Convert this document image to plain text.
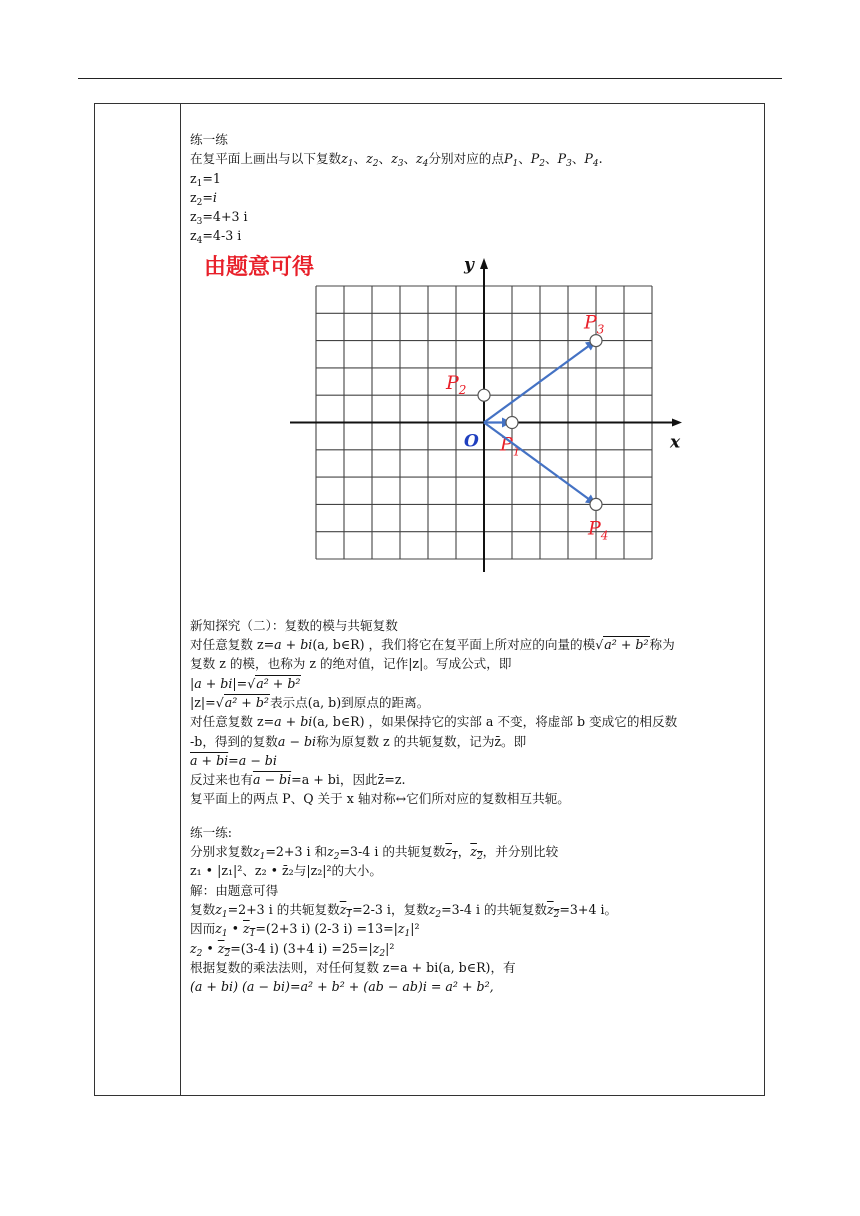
练一练
在复平面上画出与以下复数$z_1$、$z_2$、$z_3$、$z_4$分别对应的点$P_1$、$P_2$、$P_3$、$P_4$.
$z_1=1$
$z_2=i$
$z_3=4+3$ i
$z_4=4-3$ i
由题意可得
x
y
O $P_1$
$P_2$
$P_3$
$P_4$
新知探究（二）：复数的模与共轭复数
对任意复数 z=a + bi(a, b∈R) ，我们将它在复平面上所对应的向量的模√a² + b²称为
复数 z 的模，也称为 z 的绝对值，记作|z|。写成公式，即
|a + bi|=√a² + b²
|z|=√a² + b²表示点(a, b)到原点的距离。
对任意复数 z=a + bi(a, b∈R) ，如果保持它的实部 a 不变，将虚部 b 变成它的相反数
-b，得到的复数a − bi称为原复数 z 的共轭复数，记为z̄。即
a + bi=a − bi
反过来也有a − bi=a + bi，因此z̄̄=z.
复平面上的两点 P、Q 关于 x 轴对称↔它们所对应的复数相互共轭。
练一练:
分别求复数$z_1=2+3$ i 和$z_2=3-4$ i 的共轭复数$z_1$，$z_2$，并分别比较
z₁ • |z₁|²、z₂ • z̄₂与|z₂|²的大小。
解：由题意可得
复数$z_1=2+3$ i 的共轭复数$z_1=2-3$ i，复数$z_2=3-4$ i 的共轭复数$z_2=3+4$ i。
因而$z_1$ • $z_1=(2+3$ i) (2-3 $i) =13=|z_1|^2$
$z_2$ • $z_2=(3-4$ i) (3+4 $i) =25=|z_2|^2$
根据复数的乘法法则，对任何复数 z=a + bi(a, b∈R)，有
(a + bi) (a − bi)=a² + b² + (ab − ab)i = a² + b²,
